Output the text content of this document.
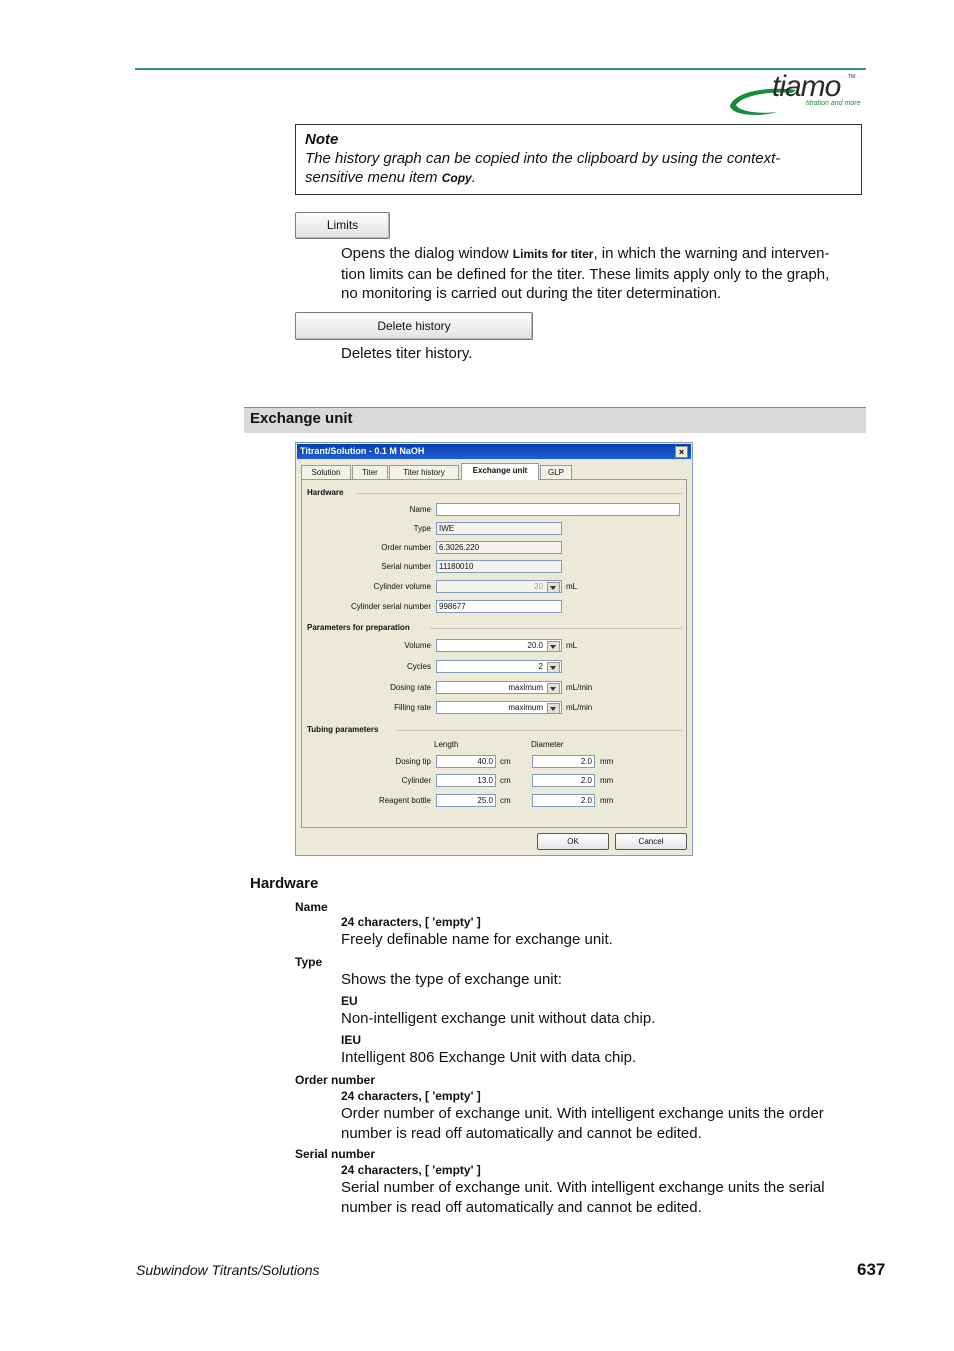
tiamo TM
titration and more
Note
The history graph can be copied into the clipboard by using the context-
sensitive menu item Copy.
Limits
Opens the dialog window Limits for titer, in which the warning and interven-
tion limits can be defined for the titer. These limits apply only to the graph,
no monitoring is carried out during the titer determination.
Delete history
Deletes titer history.
Exchange unit
Titrant/Solution - 0.1 M NaOH	×
Solution	Titer	Titer history	Exchange unit	GLP
Hardware
Name
Type	IWE
Order number	6.3026.220
Serial number	11180010
Cylinder volume	20	mL
Cylinder serial number	998677
Parameters for preparation
Volume	20.0	mL
Cycles	2
Dosing rate	maximum	mL/min
Filling rate	maximum	mL/min
Tubing parameters
Length	Diameter
Dosing tip	40.0 cm	2.0	mm
Cylinder	13.0 cm	2.0	mm
Reagent bottle	25.0 cm	2.0	mm
OK	Cancel
Hardware
Name
24 characters, [ 'empty' ]
Freely definable name for exchange unit.
Type
Shows the type of exchange unit:
EU
Non-intelligent exchange unit without data chip.
IEU
Intelligent 806 Exchange Unit with data chip.
Order number
24 characters, [ 'empty' ]
Order number of exchange unit. With intelligent exchange units the order
number is read off automatically and cannot be edited.
Serial number
24 characters, [ 'empty' ]
Serial number of exchange unit. With intelligent exchange units the serial
number is read off automatically and cannot be edited.
Subwindow Titrants/Solutions	637
